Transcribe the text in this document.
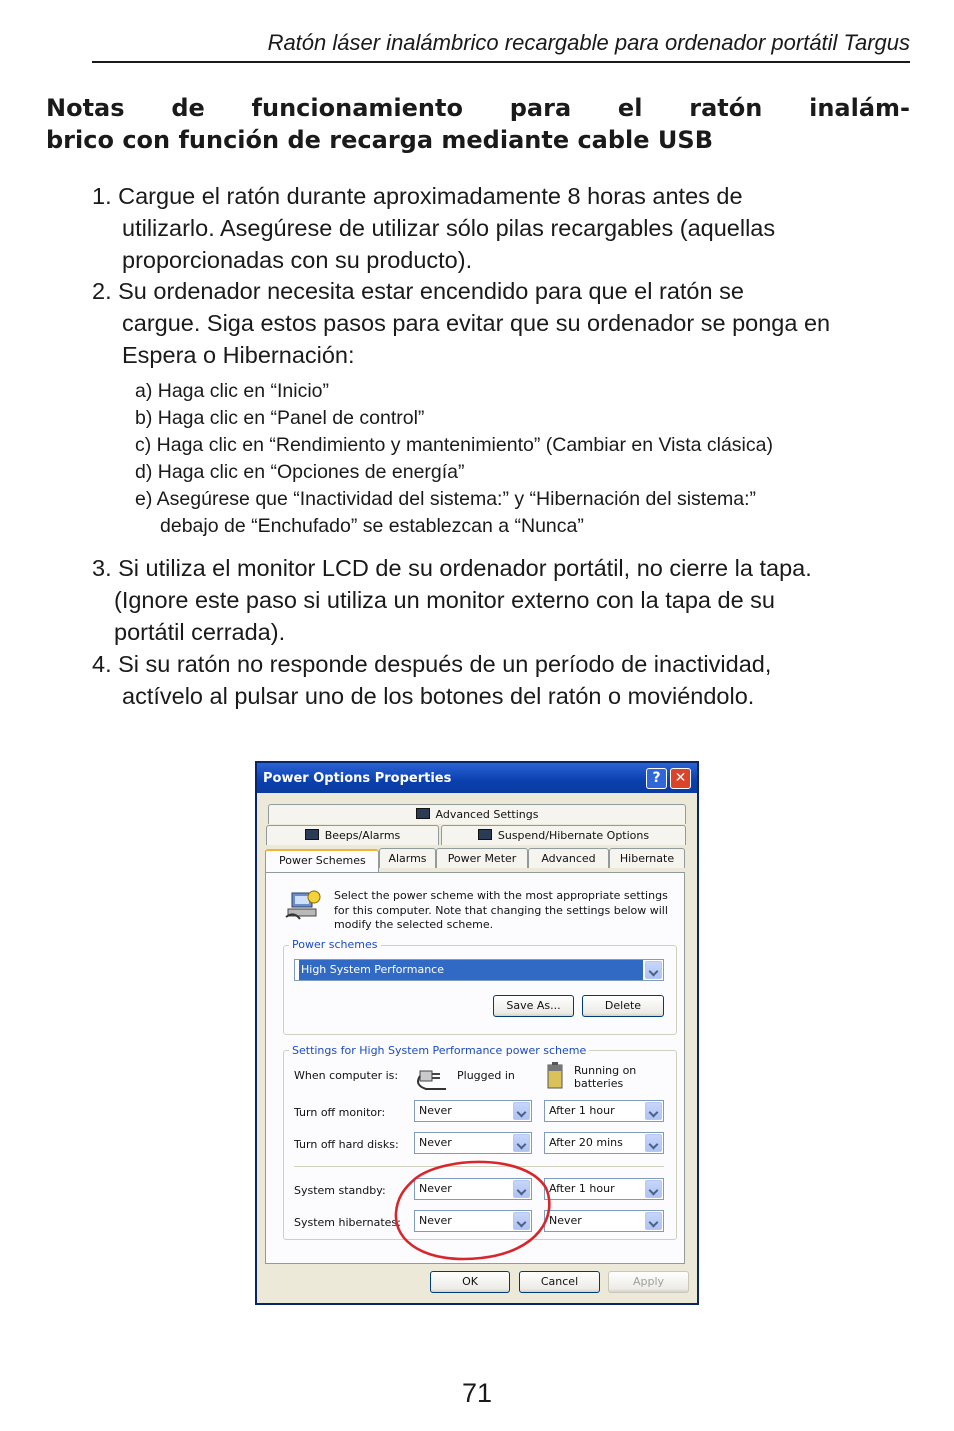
Ratón láser inalámbrico recargable para ordenador portátil Targus
Notas de funcionamiento para el ratón inalám-
brico con función de recarga mediante cable USB
1. Cargue el ratón durante aproximadamente 8 horas antes de
utilizarlo. Asegúrese de utilizar sólo pilas recargables (aquellas
proporcionadas con su producto).
2. Su ordenador necesita estar encendido para que el ratón se
cargue. Siga estos pasos para evitar que su ordenador se ponga en
Espera o Hibernación:
a) Haga clic en “Inicio”
b) Haga clic en “Panel de control”
c) Haga clic en “Rendimiento y mantenimiento” (Cambiar en Vista clásica)
d) Haga clic en “Opciones de energía”
e) Asegúrese que “Inactividad del sistema:” y “Hibernación del sistema:”
debajo de “Enchufado” se establezcan a “Nunca”
3. Si utiliza el monitor LCD de su ordenador portátil, no cierre la tapa.
(Ignore este paso si utiliza un monitor externo con la tapa de su
portátil cerrada).
4. Si su ratón no responde después de un período de inactividad,
actívelo al pulsar uno de los botones del ratón o moviéndolo.
Power Options Properties	?	✕
Advanced Settings
Beeps/Alarms	Suspend/Hibernate Options
Power Schemes	Alarms	Power Meter	Advanced	Hibernate
Select the power scheme with the most appropriate settings for this computer. Note that changing the settings below will modify the selected scheme.
Power schemes
High System Performance
Save As...	Delete
Settings for High System Performance power scheme
When computer is:	Plugged in	Running on batteries
Turn off monitor:	Never	After 1 hour
Turn off hard disks:	Never	After 20 mins
System standby:	Never	After 1 hour
System hibernates:	Never	Never
OK	Cancel	Apply
71
